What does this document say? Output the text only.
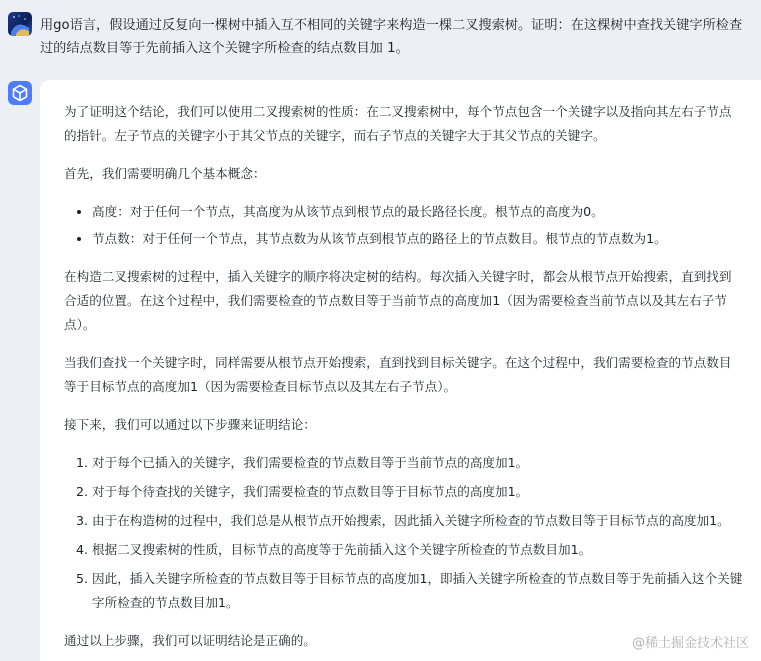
用go语言，假设通过反复向一棵树中插入互不相同的关键字来构造一棵二叉搜索树。证明：在这棵树中查找关键字所检查过的结点数目等于先前插入这个关键字所检查的结点数目加 1。

为了证明这个结论，我们可以使用二叉搜索树的性质：在二叉搜索树中，每个节点包含一个关键字以及指向其左右子节点的指针。左子节点的关键字小于其父节点的关键字，而右子节点的关键字大于其父节点的关键字。

首先，我们需要明确几个基本概念：

• 高度：对于任何一个节点，其高度为从该节点到根节点的最长路径长度。根节点的高度为0。
• 节点数：对于任何一个节点，其节点数为从该节点到根节点的路径上的节点数目。根节点的节点数为1。

在构造二叉搜索树的过程中，插入关键字的顺序将决定树的结构。每次插入关键字时，都会从根节点开始搜索，直到找到合适的位置。在这个过程中，我们需要检查的节点数目等于当前节点的高度加1（因为需要检查当前节点以及其左右子节点）。

当我们查找一个关键字时，同样需要从根节点开始搜索，直到找到目标关键字。在这个过程中，我们需要检查的节点数目等于目标节点的高度加1（因为需要检查目标节点以及其左右子节点）。

接下来，我们可以通过以下步骤来证明结论：

1. 对于每个已插入的关键字，我们需要检查的节点数目等于当前节点的高度加1。
2. 对于每个待查找的关键字，我们需要检查的节点数目等于目标节点的高度加1。
3. 由于在构造树的过程中，我们总是从根节点开始搜索，因此插入关键字所检查的节点数目等于目标节点的高度加1。
4. 根据二叉搜索树的性质，目标节点的高度等于先前插入这个关键字所检查的节点数目加1。
5. 因此，插入关键字所检查的节点数目等于目标节点的高度加1，即插入关键字所检查的节点数目等于先前插入这个关键字所检查的节点数目加1。

通过以上步骤，我们可以证明结论是正确的。	@稀土掘金技术社区
